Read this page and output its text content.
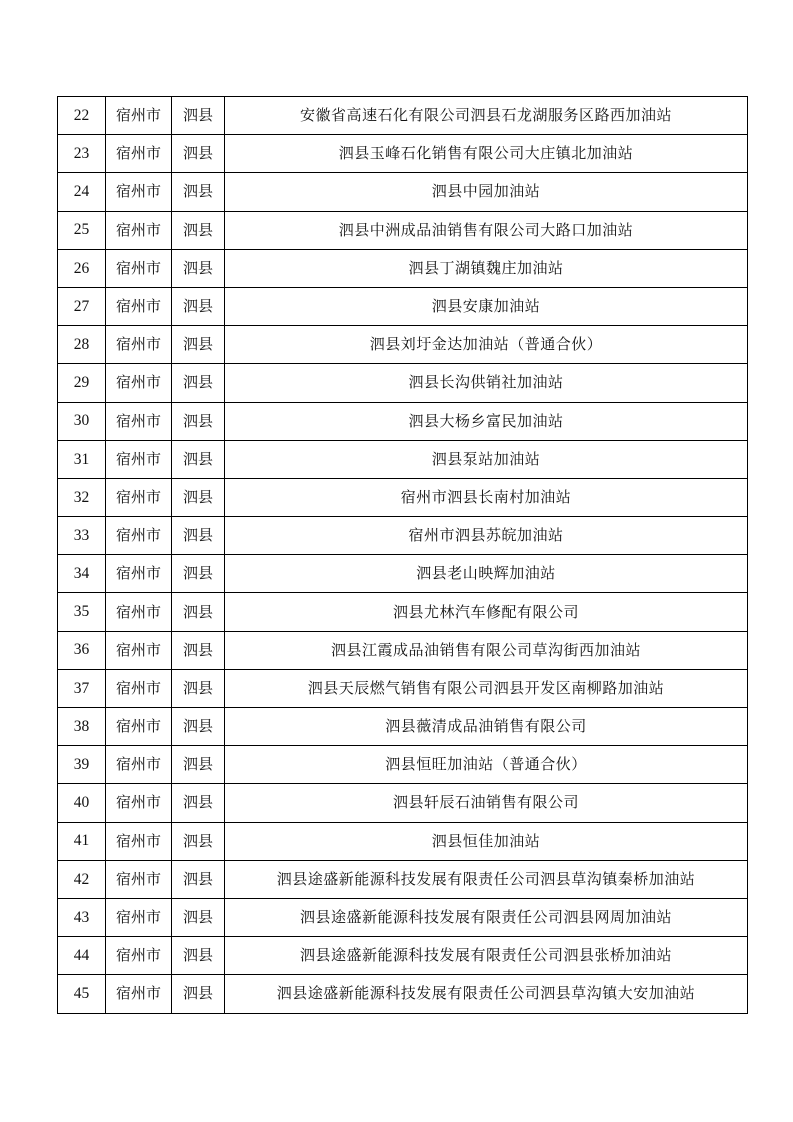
22	宿州市	泗县	安徽省高速石化有限公司泗县石龙湖服务区路西加油站
23	宿州市	泗县	泗县玉峰石化销售有限公司大庄镇北加油站
24	宿州市	泗县	泗县中园加油站
25	宿州市	泗县	泗县中洲成品油销售有限公司大路口加油站
26	宿州市	泗县	泗县丁湖镇魏庄加油站
27	宿州市	泗县	泗县安康加油站
28	宿州市	泗县	泗县刘圩金达加油站（普通合伙）
29	宿州市	泗县	泗县长沟供销社加油站
30	宿州市	泗县	泗县大杨乡富民加油站
31	宿州市	泗县	泗县泵站加油站
32	宿州市	泗县	宿州市泗县长南村加油站
33	宿州市	泗县	宿州市泗县苏皖加油站
34	宿州市	泗县	泗县老山映辉加油站
35	宿州市	泗县	泗县尤林汽车修配有限公司
36	宿州市	泗县	泗县江霞成品油销售有限公司草沟街西加油站
37	宿州市	泗县	泗县天辰燃气销售有限公司泗县开发区南柳路加油站
38	宿州市	泗县	泗县薇清成品油销售有限公司
39	宿州市	泗县	泗县恒旺加油站（普通合伙）
40	宿州市	泗县	泗县轩辰石油销售有限公司
41	宿州市	泗县	泗县恒佳加油站
42	宿州市	泗县	泗县途盛新能源科技发展有限责任公司泗县草沟镇秦桥加油站
43	宿州市	泗县	泗县途盛新能源科技发展有限责任公司泗县网周加油站
44	宿州市	泗县	泗县途盛新能源科技发展有限责任公司泗县张桥加油站
45	宿州市	泗县	泗县途盛新能源科技发展有限责任公司泗县草沟镇大安加油站
